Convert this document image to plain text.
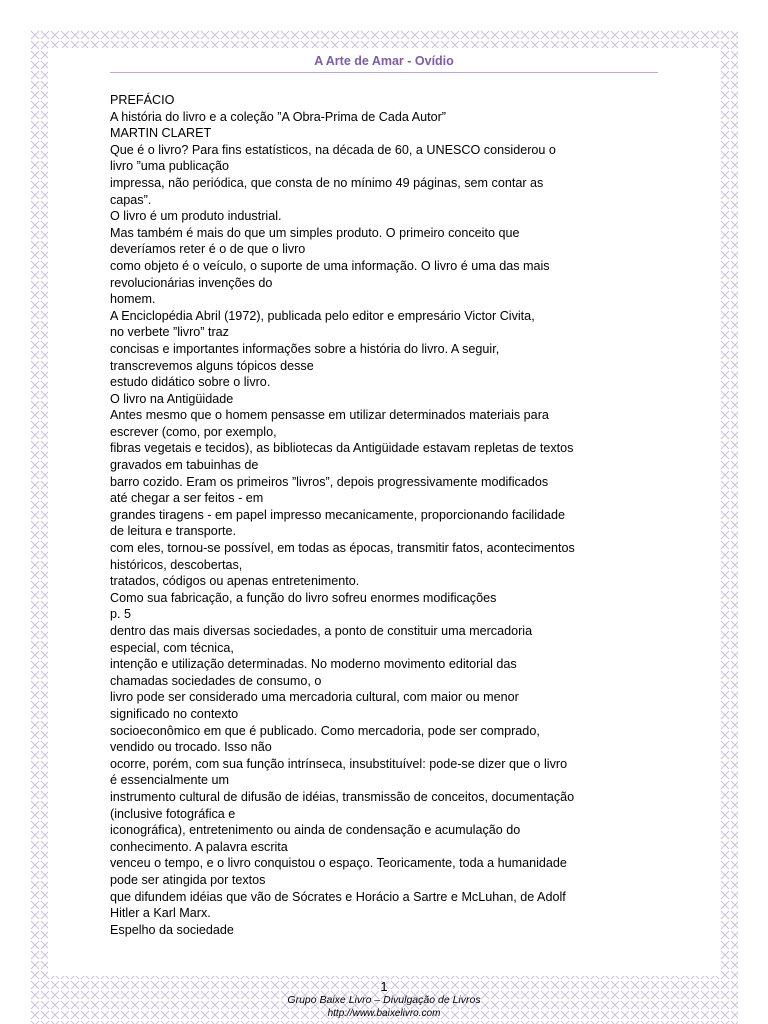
A Arte de Amar - Ovídio
PREFÁCIO
A história do livro e a coleção ”A Obra-Prima de Cada Autor”
MARTIN CLARET
Que é o livro? Para fins estatísticos, na década de 60, a UNESCO considerou o
livro ”uma publicação
impressa, não periódica, que consta de no mínimo 49 páginas, sem contar as
capas”.
O livro é um produto industrial.
Mas também é mais do que um simples produto. O primeiro conceito que
deveríamos reter é o de que o livro
como objeto é o veículo, o suporte de uma informação. O livro é uma das mais
revolucionárias invenções do
homem.
A Enciclopédia Abril (1972), publicada pelo editor e empresário Victor Civita,
no verbete ”livro” traz
concisas e importantes informações sobre a história do livro. A seguir,
transcrevemos alguns tópicos desse
estudo didático sobre o livro.
O livro na Antigüidade
Antes mesmo que o homem pensasse em utilizar determinados materiais para
escrever (como, por exemplo,
fibras vegetais e tecidos), as bibliotecas da Antigüidade estavam repletas de textos
gravados em tabuinhas de
barro cozido. Eram os primeiros ”livros”, depois progressivamente modificados
até chegar a ser feitos - em
grandes tiragens - em papel impresso mecanicamente, proporcionando facilidade
de leitura e transporte.
com eles, tornou-se possível, em todas as épocas, transmitir fatos, acontecimentos
históricos, descobertas,
tratados, códigos ou apenas entretenimento.
Como sua fabricação, a função do livro sofreu enormes modificações
p. 5
dentro das mais diversas sociedades, a ponto de constituir uma mercadoria
especial, com técnica,
intenção e utilização determinadas. No moderno movimento editorial das
chamadas sociedades de consumo, o
livro pode ser considerado uma mercadoria cultural, com maior ou menor
significado no contexto
socioeconômico em que é publicado. Como mercadoria, pode ser comprado,
vendido ou trocado. Isso não
ocorre, porém, com sua função intrínseca, insubstituível: pode-se dizer que o livro
é essencialmente um
instrumento cultural de difusão de idéias, transmissão de conceitos, documentação
(inclusive fotográfica e
iconográfica), entretenimento ou ainda de condensação e acumulação do
conhecimento. A palavra escrita
venceu o tempo, e o livro conquistou o espaço. Teoricamente, toda a humanidade
pode ser atingida por textos
que difundem idéias que vão de Sócrates e Horácio a Sartre e McLuhan, de Adolf
Hitler a Karl Marx.
Espelho da sociedade
1
Grupo Baixe Livro – Divulgação de Livros
http://www.baixelivro.com
